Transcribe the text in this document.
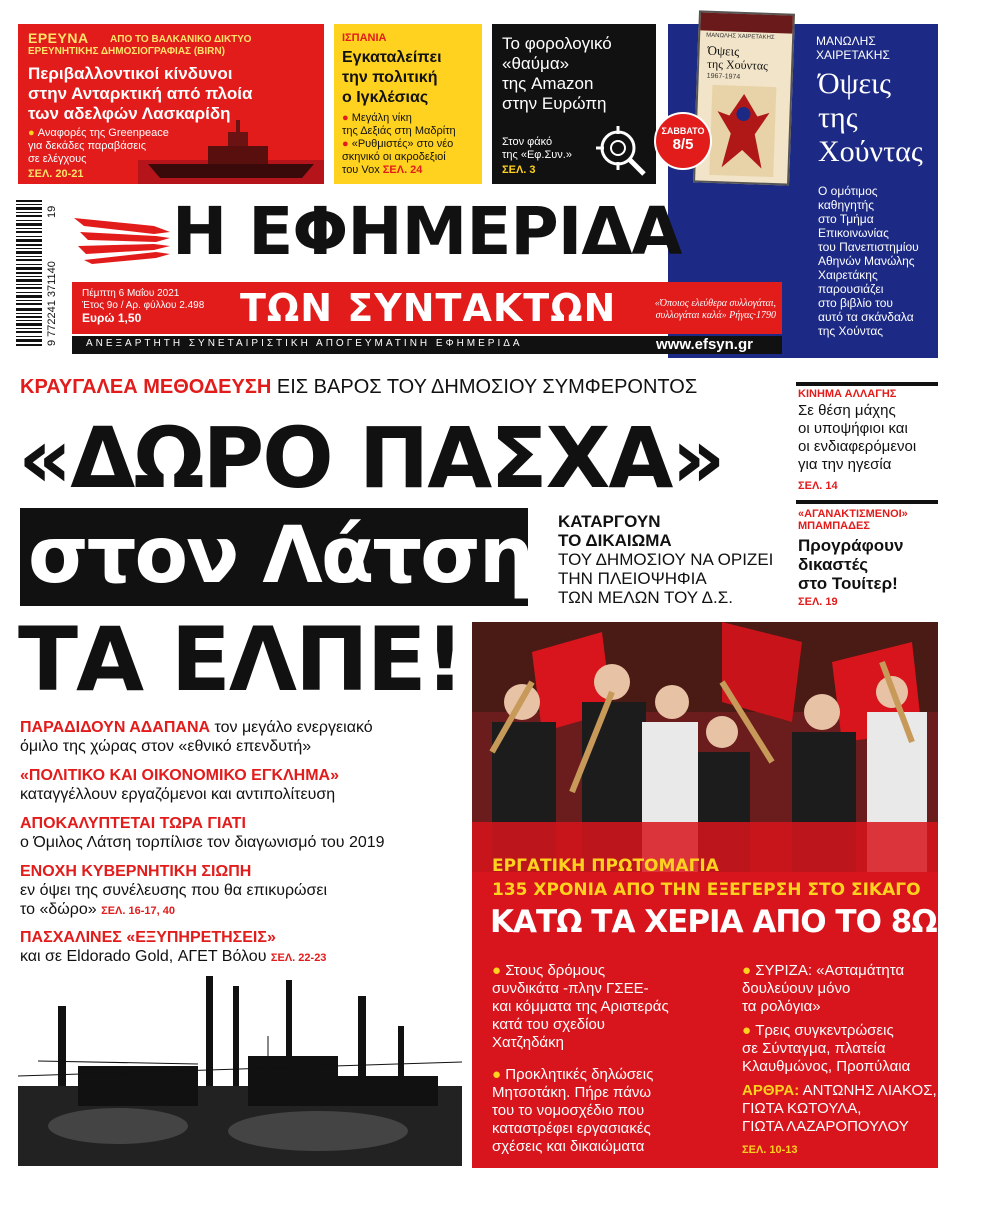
ΕΡΕΥΝΑ ΑΠΟ ΤΟ ΒΑΛΚΑΝΙΚΟ ΔΙΚΤΥΟ
ΕΡΕΥΝΗΤΙΚΗΣ ΔΗΜΟΣΙΟΓΡΑΦΙΑΣ (BIRN)
Περιβαλλοντικοί κίνδυνοι
στην Ανταρκτική από πλοία
των αδελφών Λασκαρίδη
● Αναφορές της Greenpeace
για δεκάδες παραβάσεις
σε ελέγχους
ΣΕΛ. 20-21
ΙΣΠΑΝΙΑ
Εγκαταλείπει
την πολιτική
ο Ιγκλέσιας
● Μεγάλη νίκη
της Δεξιάς στη Μαδρίτη
● «Ρυθμιστές» στο νέο
σκηνικό οι ακροδεξιοί
του Vox ΣΕΛ. 24
Το φορολογικό
«θαύμα»
της Amazon
στην Ευρώπη
Στον φάκό
της «Εφ.Συν.»
ΣΕΛ. 3
ΜΑΝΩΛΗΣ ΧΑΙΡΕΤΑΚΗΣ
Όψεις
της Χούντας
1967-1974
ΣΑΒΒΑΤΟ
8/5
ΜΑΝΩΛΗΣ
ΧΑΙΡΕΤΑΚΗΣ
Όψεις
της
Χούντας
Ο ομότιμος
καθηγητής
στο Τμήμα
Επικοινωνίας
του Πανεπιστημίου
Αθηνών Μανώλης
Χαιρετάκης
παρουσιάζει
στο βιβλίο του
αυτό τα σκάνδαλα
της Χούντας
9 772241 371140
19 Η ΕΦΗΜΕΡΙΔΑ
ΤΩΝ ΣΥΝΤΑΚΤΩΝ
Πέμπτη 6 Μαΐου 2021
Έτος 9ο / Αρ. φύλλου 2.498
Ευρώ 1,50
«Όποιος ελεύθερα συλλογάται,
συλλογάται καλά» Ρήγας·1790
ΑΝΕΞΑΡΤΗΤΗ ΣΥΝΕΤΑΙΡΙΣΤΙΚΗ ΑΠΟΓΕΥΜΑΤΙΝΗ ΕΦΗΜΕΡΙΔΑ	www.efsyn.gr
ΚΙΝΗΜΑ ΑΛΛΑΓΗΣ
Σε θέση μάχης
οι υποψήφιοι και
οι ενδιαφερόμενοι
για την ηγεσία
ΣΕΛ. 14
«ΑΓΑΝΑΚΤΙΣΜΕΝΟΙ»
ΜΠΑΜΠΑΔΕΣ
Προγράφουν
δικαστές
στο Τουίτερ!
ΣΕΛ. 19
ΚΡΑΥΓΑΛΕΑ ΜΕΘΟΔΕΥΣΗ ΕΙΣ ΒΑΡΟΣ ΤΟΥ ΔΗΜΟΣΙΟΥ ΣΥΜΦΕΡΟΝΤΟΣ
«ΔΩΡΟ ΠΑΣΧΑ»
στον Λάτση
ΤΑ ΕΛΠΕ!
ΚΑΤΑΡΓΟΥΝ
ΤΟ ΔΙΚΑΙΩΜΑ
ΤΟΥ ΔΗΜΟΣΙΟΥ ΝΑ ΟΡΙΖΕΙ
ΤΗΝ ΠΛΕΙΟΨΗΦΙΑ
ΤΩΝ ΜΕΛΩΝ ΤΟΥ Δ.Σ.
ΠΑΡΑΔΙΔΟΥΝ ΑΔΑΠΑΝΑ τον μεγάλο ενεργειακό
όμιλο της χώρας στον «εθνικό επενδυτή»
«ΠΟΛΙΤΙΚΟ ΚΑΙ ΟΙΚΟΝΟΜΙΚΟ ΕΓΚΛΗΜΑ»
καταγγέλλουν εργαζόμενοι και αντιπολίτευση
ΑΠΟΚΑΛΥΠΤΕΤΑΙ ΤΩΡΑ ΓΙΑΤΙ
ο Όμιλος Λάτση τορπίλισε τον διαγωνισμό του 2019
ΕΝΟΧΗ ΚΥΒΕΡΝΗΤΙΚΗ ΣΙΩΠΗ
εν όψει της συνέλευσης που θα επικυρώσει
το «δώρο» ΣΕΛ. 16-17, 40
ΠΑΣΧΑΛΙΝΕΣ «ΕΞΥΠΗΡΕΤΗΣΕΙΣ»
και σε Eldorado Gold, ΑΓΕΤ Βόλου ΣΕΛ. 22-23
ΕΡΓΑΤΙΚΗ ΠΡΩΤΟΜΑΓΙΑ
135 ΧΡΟΝΙΑ ΑΠΟ ΤΗΝ ΕΞΕΓΕΡΣΗ ΣΤΟ ΣΙΚΑΓΟ
ΚΑΤΩ ΤΑ ΧΕΡΙΑ ΑΠΟ ΤΟ 8ΩΡΟ!
● Στους δρόμους
συνδικάτα -πλην ΓΣΕΕ-
και κόμματα της Αριστεράς
κατά του σχεδίου
Χατζηδάκη
● Προκλητικές δηλώσεις
Μητσοτάκη. Πήρε πάνω
του το νομοσχέδιο που
καταστρέφει εργασιακές
σχέσεις και δικαιώματα
● ΣΥΡΙΖΑ: «Ασταμάτητα
δουλεύουν μόνο
τα ρολόγια»
● Τρεις συγκεντρώσεις
σε Σύνταγμα, πλατεία
Κλαυθμώνος, Προπύλαια
ΑΡΘΡΑ: ΑΝΤΩΝΗΣ ΛΙΑΚΟΣ,
ΓΙΩΤΑ ΚΩΤΟΥΛΑ,
ΓΙΩΤΑ ΛΑΖΑΡΟΠΟΥΛΟΥ
ΣΕΛ. 10-13
